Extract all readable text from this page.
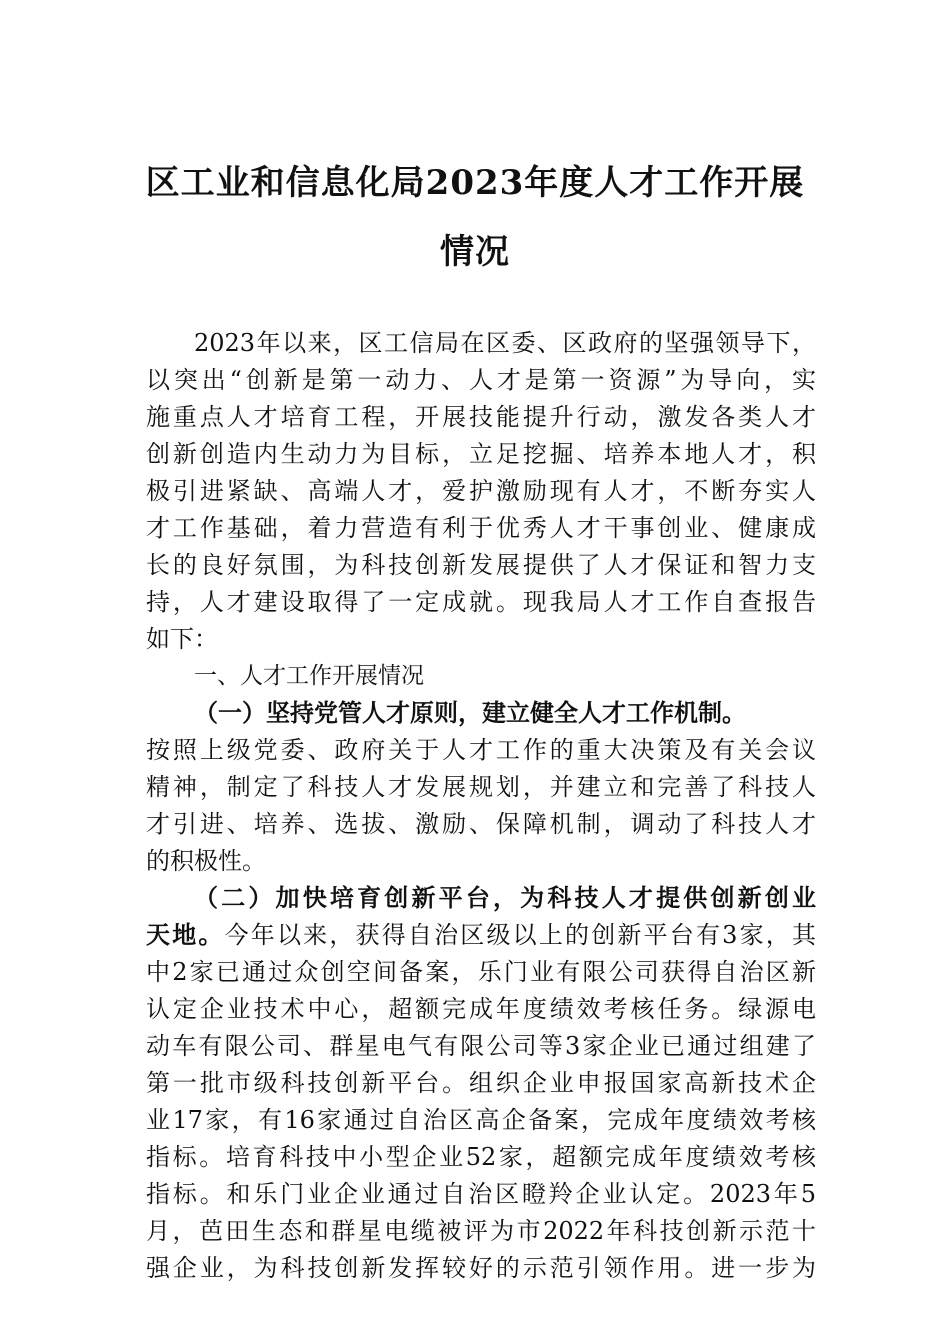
区工业和信息化局2023年度人才工作开展
情况
2023年以来，区工信局在区委、区政府的坚强领导下，
以突出“创新是第一动力、人才是第一资源”为导向，实
施重点人才培育工程，开展技能提升行动，激发各类人才
创新创造内生动力为目标，立足挖掘、培养本地人才，积
极引进紧缺、高端人才，爱护激励现有人才，不断夯实人
才工作基础，着力营造有利于优秀人才干事创业、健康成
长的良好氛围，为科技创新发展提供了人才保证和智力支
持，人才建设取得了一定成就。现我局人才工作自查报告
如下：
一、人才工作开展情况
（一）坚持党管人才原则，建立健全人才工作机制。
按照上级党委、政府关于人才工作的重大决策及有关会议
精神，制定了科技人才发展规划，并建立和完善了科技人
才引进、培养、选拔、激励、保障机制，调动了科技人才
的积极性。
（二）加快培育创新平台，为科技人才提供创新创业
天地。今年以来，获得自治区级以上的创新平台有3家，其
中2家已通过众创空间备案，乐门业有限公司获得自治区新
认定企业技术中心，超额完成年度绩效考核任务。绿源电
动车有限公司、群星电气有限公司等3家企业已通过组建了
第一批市级科技创新平台。组织企业申报国家高新技术企
业17家，有16家通过自治区高企备案，完成年度绩效考核
指标。培育科技中小型企业52家，超额完成年度绩效考核
指标。和乐门业企业通过自治区瞪羚企业认定。2023年5
月，芭田生态和群星电缆被评为市2022年科技创新示范十
强企业，为科技创新发挥较好的示范引领作用。进一步为
